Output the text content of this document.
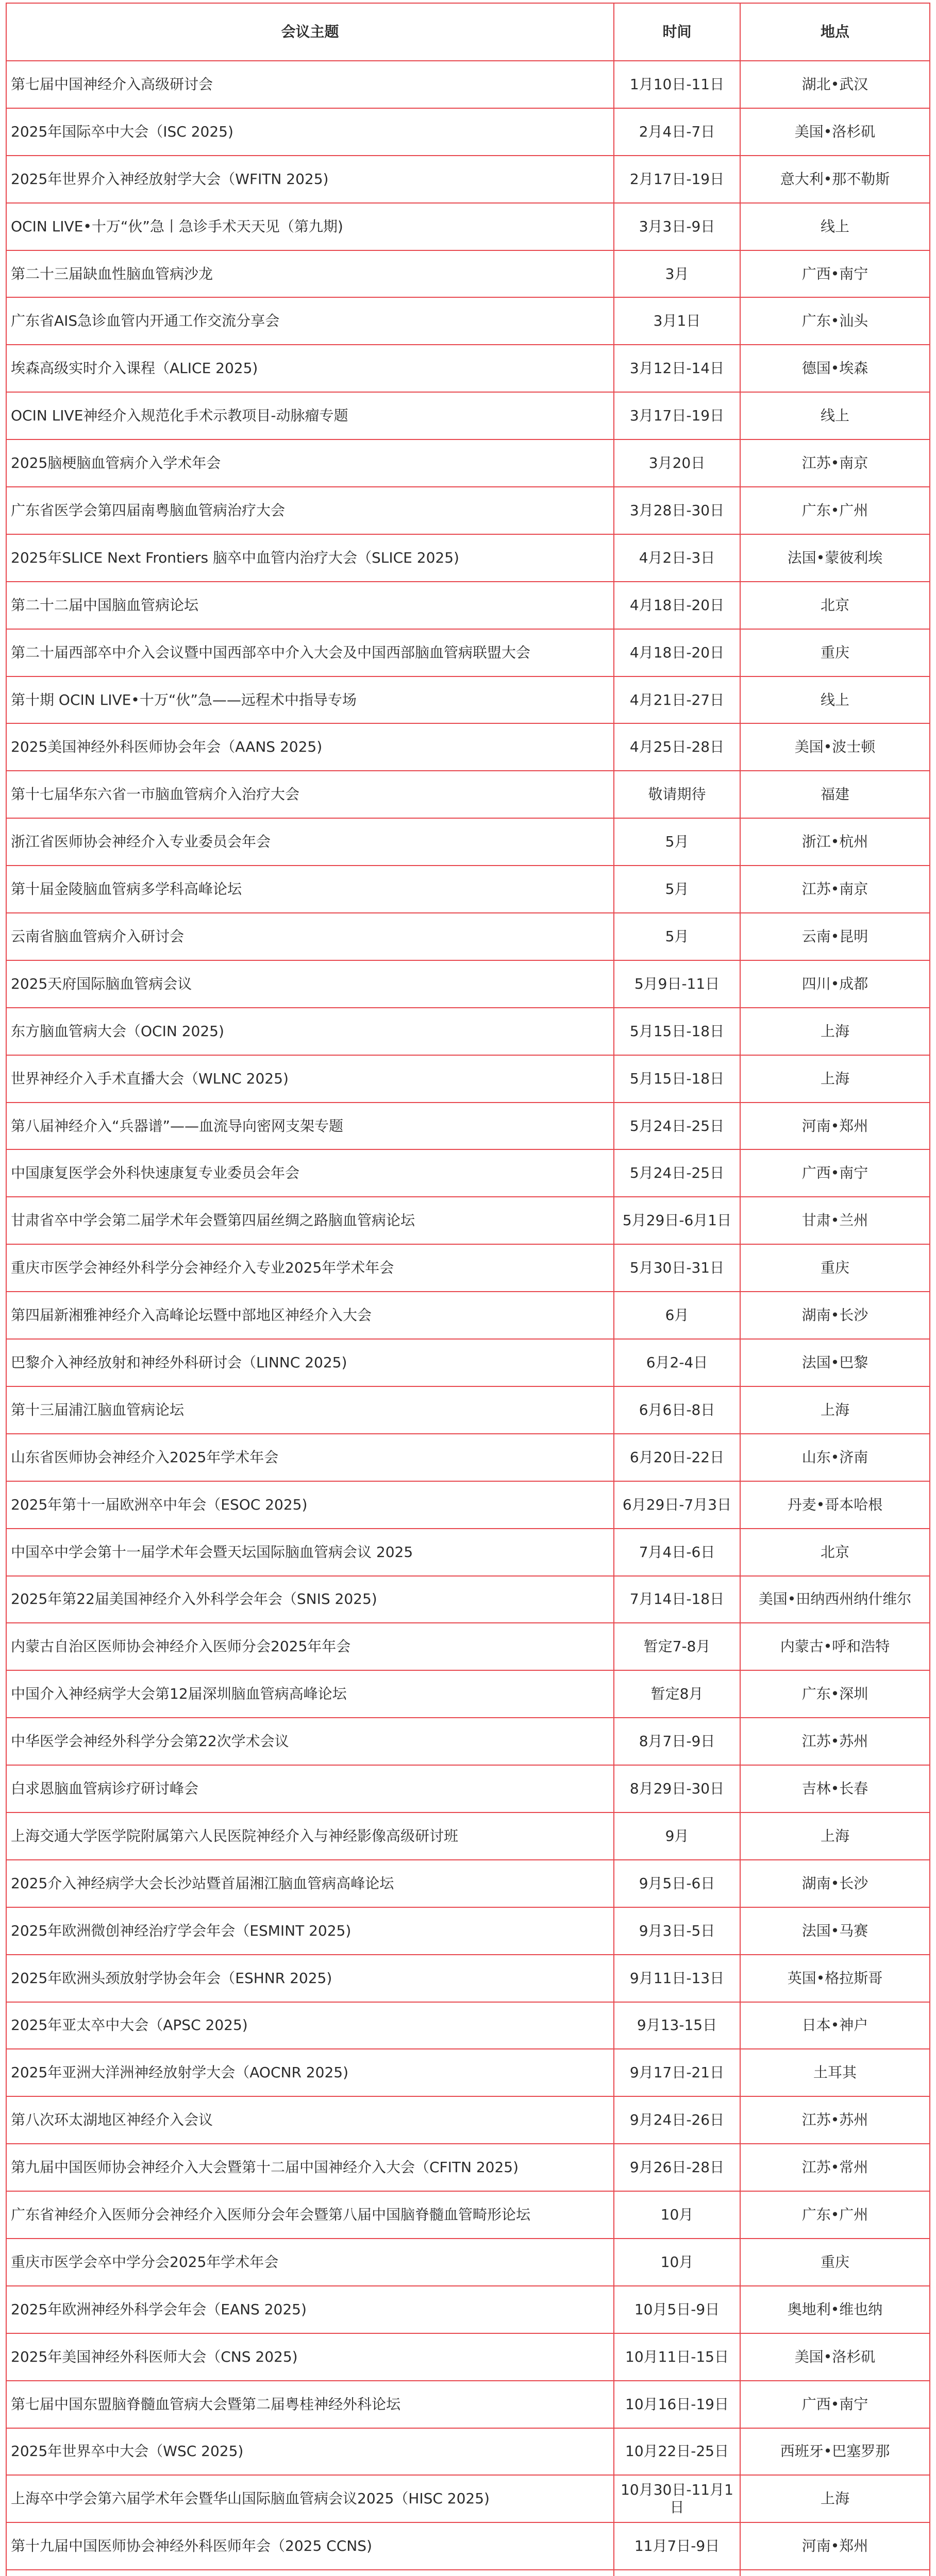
会议主题	时间	地点
第七届中国神经介入高级研讨会	1月10日-11日	湖北•武汉
2025年国际卒中大会（ISC 2025)	2月4日-7日	美国•洛杉矶
2025年世界介入神经放射学大会（WFITN 2025)	2月17日-19日	意大利•那不勒斯
OCIN LIVE•十万“伙”急丨急诊手术天天见（第九期)	3月3日-9日	线上
第二十三届缺血性脑血管病沙龙	3月	广西•南宁
广东省AIS急诊血管内开通工作交流分享会	3月1日	广东•汕头
埃森高级实时介入课程（ALICE 2025)	3月12日-14日	德国•埃森
OCIN LIVE神经介入规范化手术示教项目-动脉瘤专题	3月17日-19日	线上
2025脑梗脑血管病介入学术年会	3月20日	江苏•南京
广东省医学会第四届南粤脑血管病治疗大会	3月28日-30日	广东•广州
2025年SLICE Next Frontiers 脑卒中血管内治疗大会（SLICE 2025)	4月2日-3日	法国•蒙彼利埃
第二十二届中国脑血管病论坛	4月18日-20日	北京
第二十届西部卒中介入会议暨中国西部卒中介入大会及中国西部脑血管病联盟大会	4月18日-20日	重庆
第十期 OCIN LIVE•十万“伙”急——远程术中指导专场	4月21日-27日	线上
2025美国神经外科医师协会年会（AANS 2025)	4月25日-28日	美国•波士顿
第十七届华东六省一市脑血管病介入治疗大会	敬请期待	福建
浙江省医师协会神经介入专业委员会年会	5月	浙江•杭州
第十届金陵脑血管病多学科高峰论坛	5月	江苏•南京
云南省脑血管病介入研讨会	5月	云南•昆明
2025天府国际脑血管病会议	5月9日-11日	四川•成都
东方脑血管病大会（OCIN 2025)	5月15日-18日	上海
世界神经介入手术直播大会（WLNC 2025)	5月15日-18日	上海
第八届神经介入“兵器谱”——血流导向密网支架专题	5月24日-25日	河南•郑州
中国康复医学会外科快速康复专业委员会年会	5月24日-25日	广西•南宁
甘肃省卒中学会第二届学术年会暨第四届丝绸之路脑血管病论坛	5月29日-6月1日	甘肃•兰州
重庆市医学会神经外科学分会神经介入专业2025年学术年会	5月30日-31日	重庆
第四届新湘雅神经介入高峰论坛暨中部地区神经介入大会	6月	湖南•长沙
巴黎介入神经放射和神经外科研讨会（LINNC 2025)	6月2-4日	法国•巴黎
第十三届浦江脑血管病论坛	6月6日-8日	上海
山东省医师协会神经介入2025年学术年会	6月20日-22日	山东•济南
2025年第十一届欧洲卒中年会（ESOC 2025)	6月29日-7月3日	丹麦•哥本哈根
中国卒中学会第十一届学术年会暨天坛国际脑血管病会议 2025	7月4日-6日	北京
2025年第22届美国神经介入外科学会年会（SNIS 2025)	7月14日-18日	美国•田纳西州纳什维尔
内蒙古自治区医师协会神经介入医师分会2025年年会	暂定7-8月	内蒙古•呼和浩特
中国介入神经病学大会第12届深圳脑血管病高峰论坛	暂定8月	广东•深圳
中华医学会神经外科学分会第22次学术会议	8月7日-9日	江苏•苏州
白求恩脑血管病诊疗研讨峰会	8月29日-30日	吉林•长春
上海交通大学医学院附属第六人民医院神经介入与神经影像高级研讨班	9月	上海
2025介入神经病学大会长沙站暨首届湘江脑血管病高峰论坛	9月5日-6日	湖南•长沙
2025年欧洲微创神经治疗学会年会（ESMINT 2025)	9月3日-5日	法国•马赛
2025年欧洲头颈放射学协会年会（ESHNR 2025)	9月11日-13日	英国•格拉斯哥
2025年亚太卒中大会（APSC 2025)	9月13-15日	日本•神户
2025年亚洲大洋洲神经放射学大会（AOCNR 2025)	9月17日-21日	土耳其
第八次环太湖地区神经介入会议	9月24日-26日	江苏•苏州
第九届中国医师协会神经介入大会暨第十二届中国神经介入大会（CFITN 2025)	9月26日-28日	江苏•常州
广东省神经介入医师分会神经介入医师分会年会暨第八届中国脑脊髓血管畸形论坛	10月	广东•广州
重庆市医学会卒中学分会2025年学术年会	10月	重庆
2025年欧洲神经外科学会年会（EANS 2025)	10月5日-9日	奥地利•维也纳
2025年美国神经外科医师大会（CNS 2025)	10月11日-15日	美国•洛杉矶
第七届中国东盟脑脊髓血管病大会暨第二届粤桂神经外科论坛	10月16日-19日	广西•南宁
2025年世界卒中大会（WSC 2025)	10月22日-25日	西班牙•巴塞罗那
上海卒中学会第六届学术年会暨华山国际脑血管病会议2025（HISC 2025)	10月30日-11月1日	上海
第十九届中国医师协会神经外科医师年会（2025 CCNS)	11月7日-9日	河南•郑州
